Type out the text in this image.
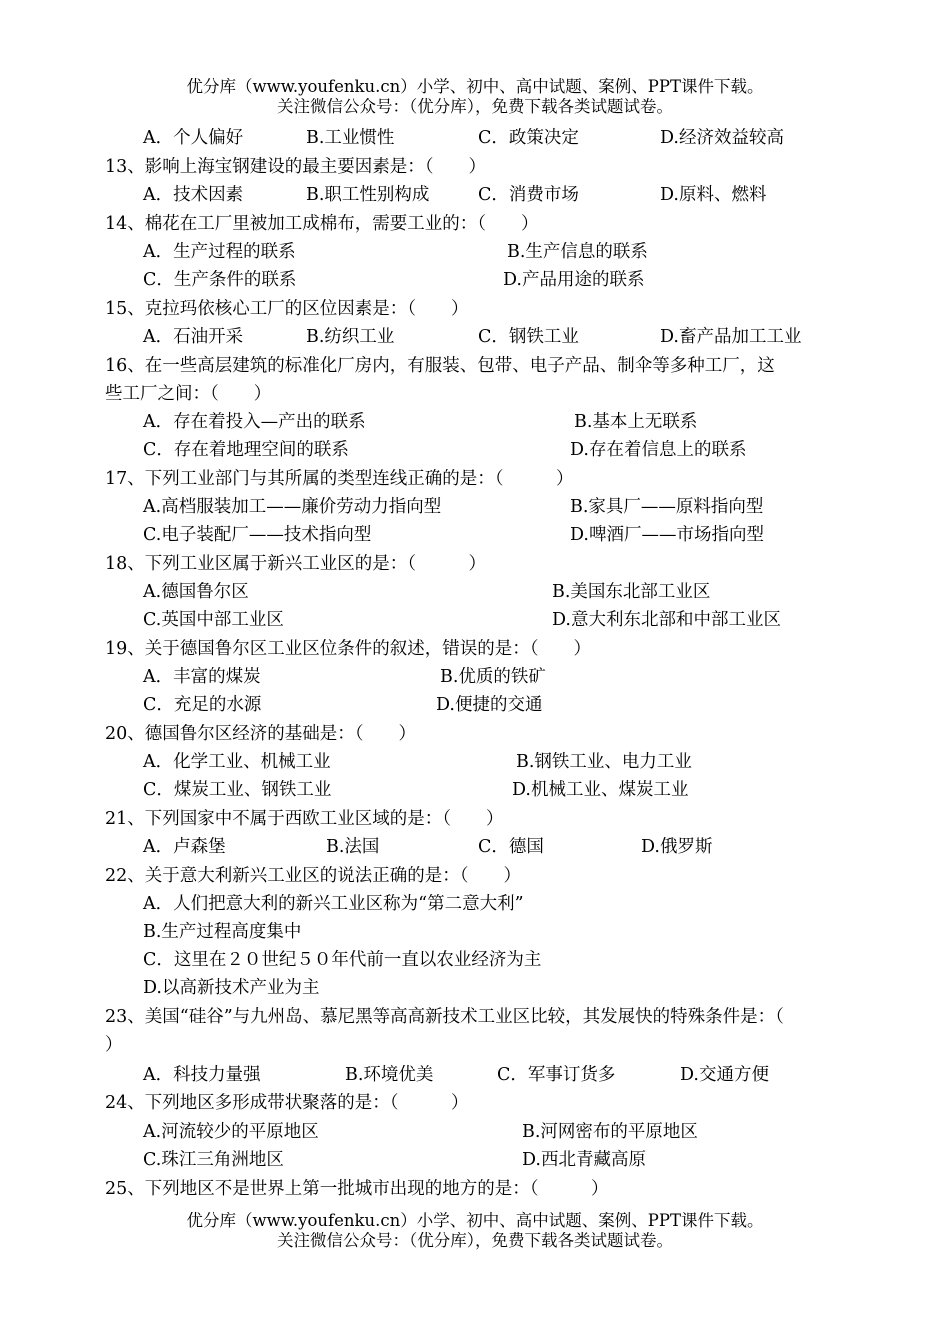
优分库（www.youfenku.cn）小学、初中、高中试题、案例、PPT课件下载。
关注微信公众号：（优分库），免费下载各类试题试卷。
A．个人偏好	B.工业惯性	C．政策决定	D.经济效益较高
13、影响上海宝钢建设的最主要因素是：（　　）
A．技术因素	B.职工性别构成	C．消费市场	D.原料、燃料
14、棉花在工厂里被加工成棉布，需要工业的：（　　）
A．生产过程的联系	B.生产信息的联系
C．生产条件的联系	D.产品用途的联系
15、克拉玛依核心工厂的区位因素是：（　　）
A．石油开采	B.纺织工业	C．钢铁工业	D.畜产品加工工业
16、在一些高层建筑的标准化厂房内，有服装、包带、电子产品、制伞等多种工厂，这
些工厂之间：（　　）
A．存在着投入—产出的联系	B.基本上无联系
C．存在着地理空间的联系	D.存在着信息上的联系
17、下列工业部门与其所属的类型连线正确的是：（　　　）
A.高档服装加工——廉价劳动力指向型	B.家具厂——原料指向型
C.电子装配厂——技术指向型	D.啤酒厂——市场指向型
18、下列工业区属于新兴工业区的是：（　　　）
A.德国鲁尔区	B.美国东北部工业区
C.英国中部工业区	D.意大利东北部和中部工业区
19、关于德国鲁尔区工业区位条件的叙述，错误的是：（　　）
A．丰富的煤炭	B.优质的铁矿
C．充足的水源	D.便捷的交通
20、德国鲁尔区经济的基础是：（　　）
A．化学工业、机械工业	B.钢铁工业、电力工业
C．煤炭工业、钢铁工业	D.机械工业、煤炭工业
21、下列国家中不属于西欧工业区域的是：（　　）
A．卢森堡	B.法国	C．德国	D.俄罗斯
22、关于意大利新兴工业区的说法正确的是：（　　）
A．人们把意大利的新兴工业区称为“第二意大利”
B.生产过程高度集中
C．这里在２０世纪５０年代前一直以农业经济为主
D.以高新技术产业为主
23、美国“硅谷”与九州岛、慕尼黑等高高新技术工业区比较，其发展快的特殊条件是：（
）
A．科技力量强	B.环境优美	C．军事订货多	D.交通方便
24、下列地区多形成带状聚落的是：（　　　）
A.河流较少的平原地区	B.河网密布的平原地区
C.珠江三角洲地区	D.西北青藏高原
25、下列地区不是世界上第一批城市出现的地方的是：（　　　）
优分库（www.youfenku.cn）小学、初中、高中试题、案例、PPT课件下载。
关注微信公众号：（优分库），免费下载各类试题试卷。
